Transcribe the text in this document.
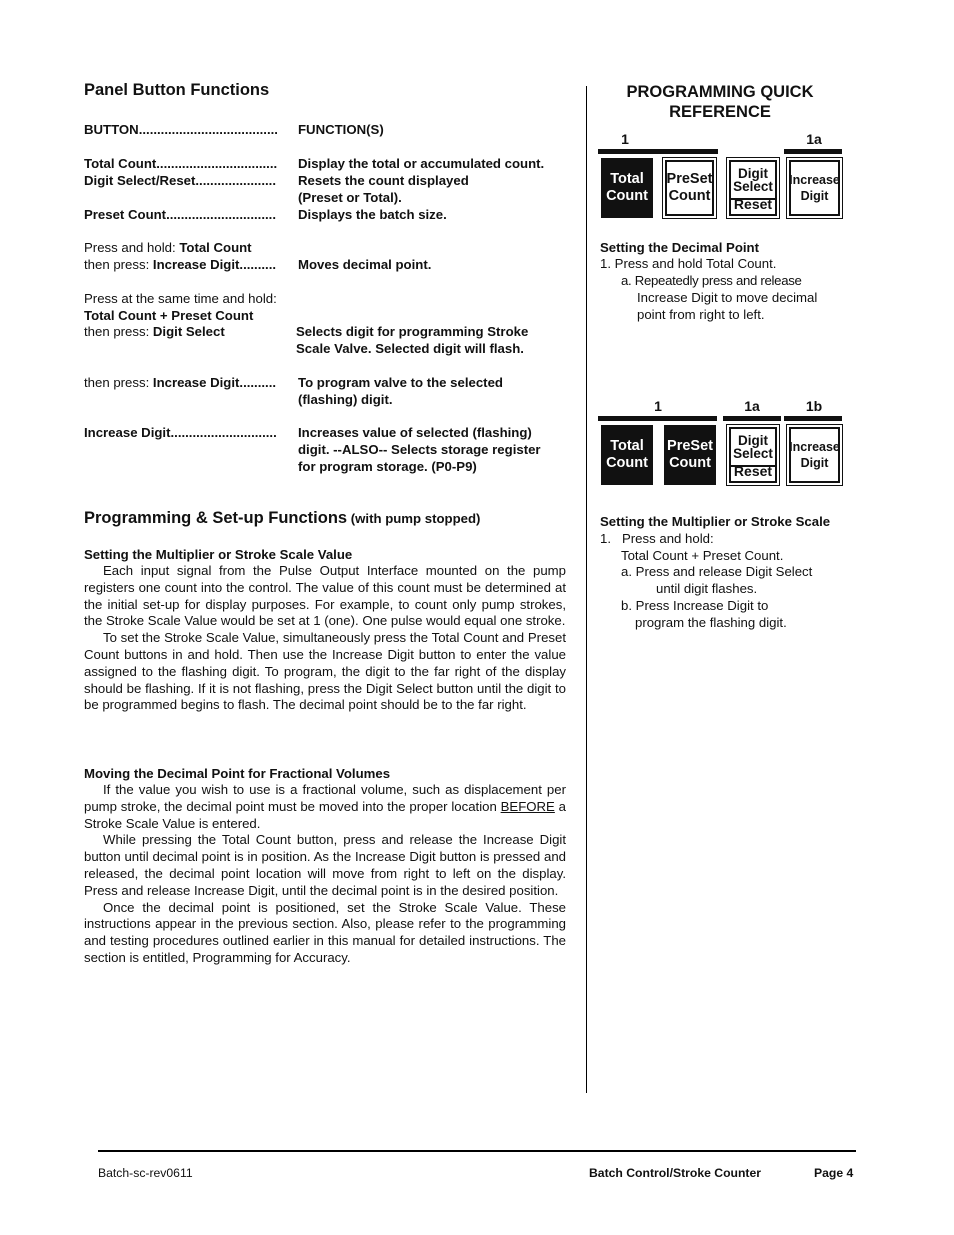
Panel Button Functions
BUTTON......................................	FUNCTION(S)
Total Count.................................	Display the total or accumulated count.
Digit Select/Reset......................	Resets the count displayed
(Preset or Total).
Preset Count..............................	Displays the batch size.
Press and hold: Total Count
then press: Increase Digit.......... Moves decimal point.
Press at the same time and hold:
Total Count + Preset Count
then press: Digit Select	Selects digit for programming Stroke
Scale Valve. Selected digit will flash.
then press: Increase Digit.......... To program valve to the selected
(flashing) digit.
Increase Digit.............................	Increases value of selected (flashing)
digit. --ALSO-- Selects storage register
for program storage. (P0-P9)
Programming & Set-up Functions (with pump stopped)
Setting the Multiplier or Stroke Scale Value

Each input signal from the Pulse Output Interface mounted on the pump registers one count into the control. The value of this count must be determined at the initial set-up for display purposes. For example, to count only pump strokes, the Stroke Scale Value would be set at 1 (one). One pulse would equal one stroke.

To set the Stroke Scale Value, simultaneously press the Total Count and Preset Count buttons in and hold. Then use the Increase Digit button to enter the value assigned to the flashing digit. To program, the digit to the far right of the display should be flashing. If it is not flashing, press the Digit Select button until the digit to be programmed begins to flash. The decimal point should be to the far right.

Moving the Decimal Point for Fractional Volumes

If the value you wish to use is a fractional volume, such as displacement per pump stroke, the decimal point must be moved into the proper location BEFORE a Stroke Scale Value is entered.

While pressing the Total Count button, press and release the Increase Digit button until decimal point is in position. As the Increase Digit button is pressed and released, the decimal point location will move from right to left on the display. Press and release Increase Digit, until the decimal point is in the desired position.

Once the decimal point is positioned, set the Stroke Scale Value. These instructions appear in the previous section. Also, please refer to the programming and testing procedures outlined earlier in this manual for detailed instructions. The section is entitled, Programming for Accuracy.

PROGRAMMING QUICK
REFERENCE
1	1a
Total
Count
PreSet
Count
Digit
Select
Reset
Increase
Digit
Setting the Decimal Point
1. Press and hold Total Count.
a. Repeatedly press and release
Increase Digit to move decimal
point from right to left.
1	1a	1b
Total
Count
PreSet
Count
Digit
Select
Reset
Increase
Digit
Setting the Multiplier or Stroke Scale
1.   Press and hold:
Total Count + Preset Count.
a. Press and release Digit Select
until digit flashes.
b. Press Increase Digit to
program the flashing digit.
Batch-sc-rev0611	Batch Control/Stroke Counter	Page 4
